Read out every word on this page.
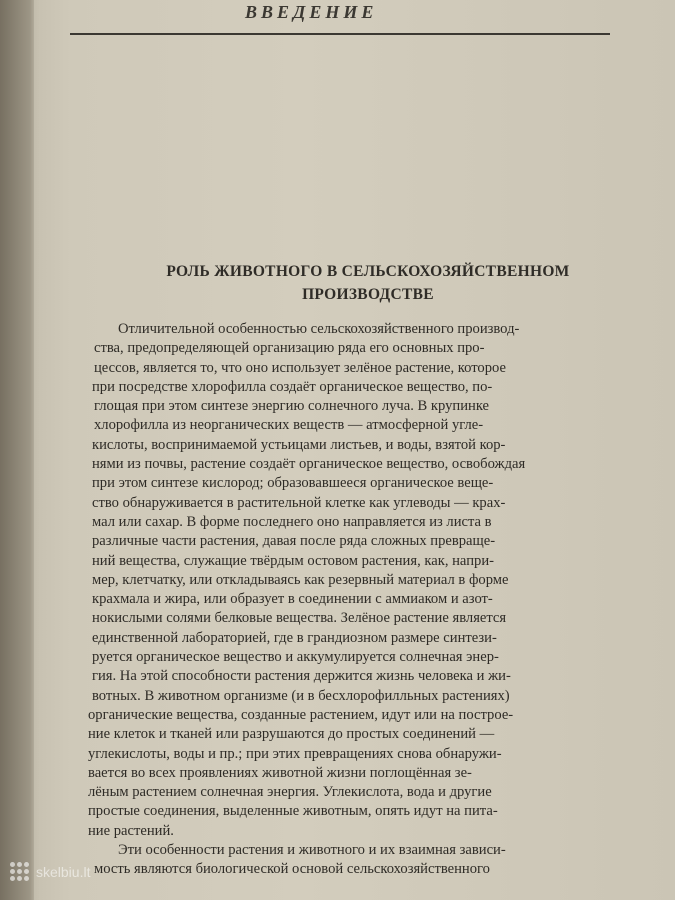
ВВЕДЕНИЕ
РОЛЬ ЖИВОТНОГО В СЕЛЬСКОХОЗЯЙСТВЕННОМ
ПРОИЗВОДСТВЕ
Отличительной особенностью сельскохозяйственного производ-
ства, предопределяющей организацию ряда его основных про-
цессов, является то, что оно использует зелёное растение, которое
при посредстве хлорофилла создаёт органическое вещество, по-
глощая при этом синтезе энергию солнечного луча. В крупинке
хлорофилла из неорганических веществ — атмосферной угле-
кислоты, воспринимаемой устьицами листьев, и воды, взятой кор-
нями из почвы, растение создаёт органическое вещество, освобождая
при этом синтезе кислород; образовавшееся органическое веще-
ство обнаруживается в растительной клетке как углеводы — крах-
мал или сахар. В форме последнего оно направляется из листа в
различные части растения, давая после ряда сложных превраще-
ний вещества, служащие твёрдым остовом растения, как, напри-
мер, клетчатку, или откладываясь как резервный материал в форме
крахмала и жира, или образует в соединении с аммиаком и азот-
нокислыми солями белковые вещества. Зелёное растение является
единственной лабораторией, где в грандиозном размере синтези-
руется органическое вещество и аккумулируется солнечная энер-
гия. На этой способности растения держится жизнь человека и жи-
вотных. В животном организме (и в бесхлорофилльных растениях)
органические вещества, созданные растением, идут или на построе-
ние клеток и тканей или разрушаются до простых соединений —
углекислоты, воды и пр.; при этих превращениях снова обнаружи-
вается во всех проявлениях животной жизни поглощённая зе-
лёным растением солнечная энергия. Углекислота, вода и другие
простые соединения, выделенные животным, опять идут на пита-
ние растений.
Эти особенности растения и животного и их взаимная зависи-
мость являются биологической основой сельскохозяйственного
skelbiu.lt
